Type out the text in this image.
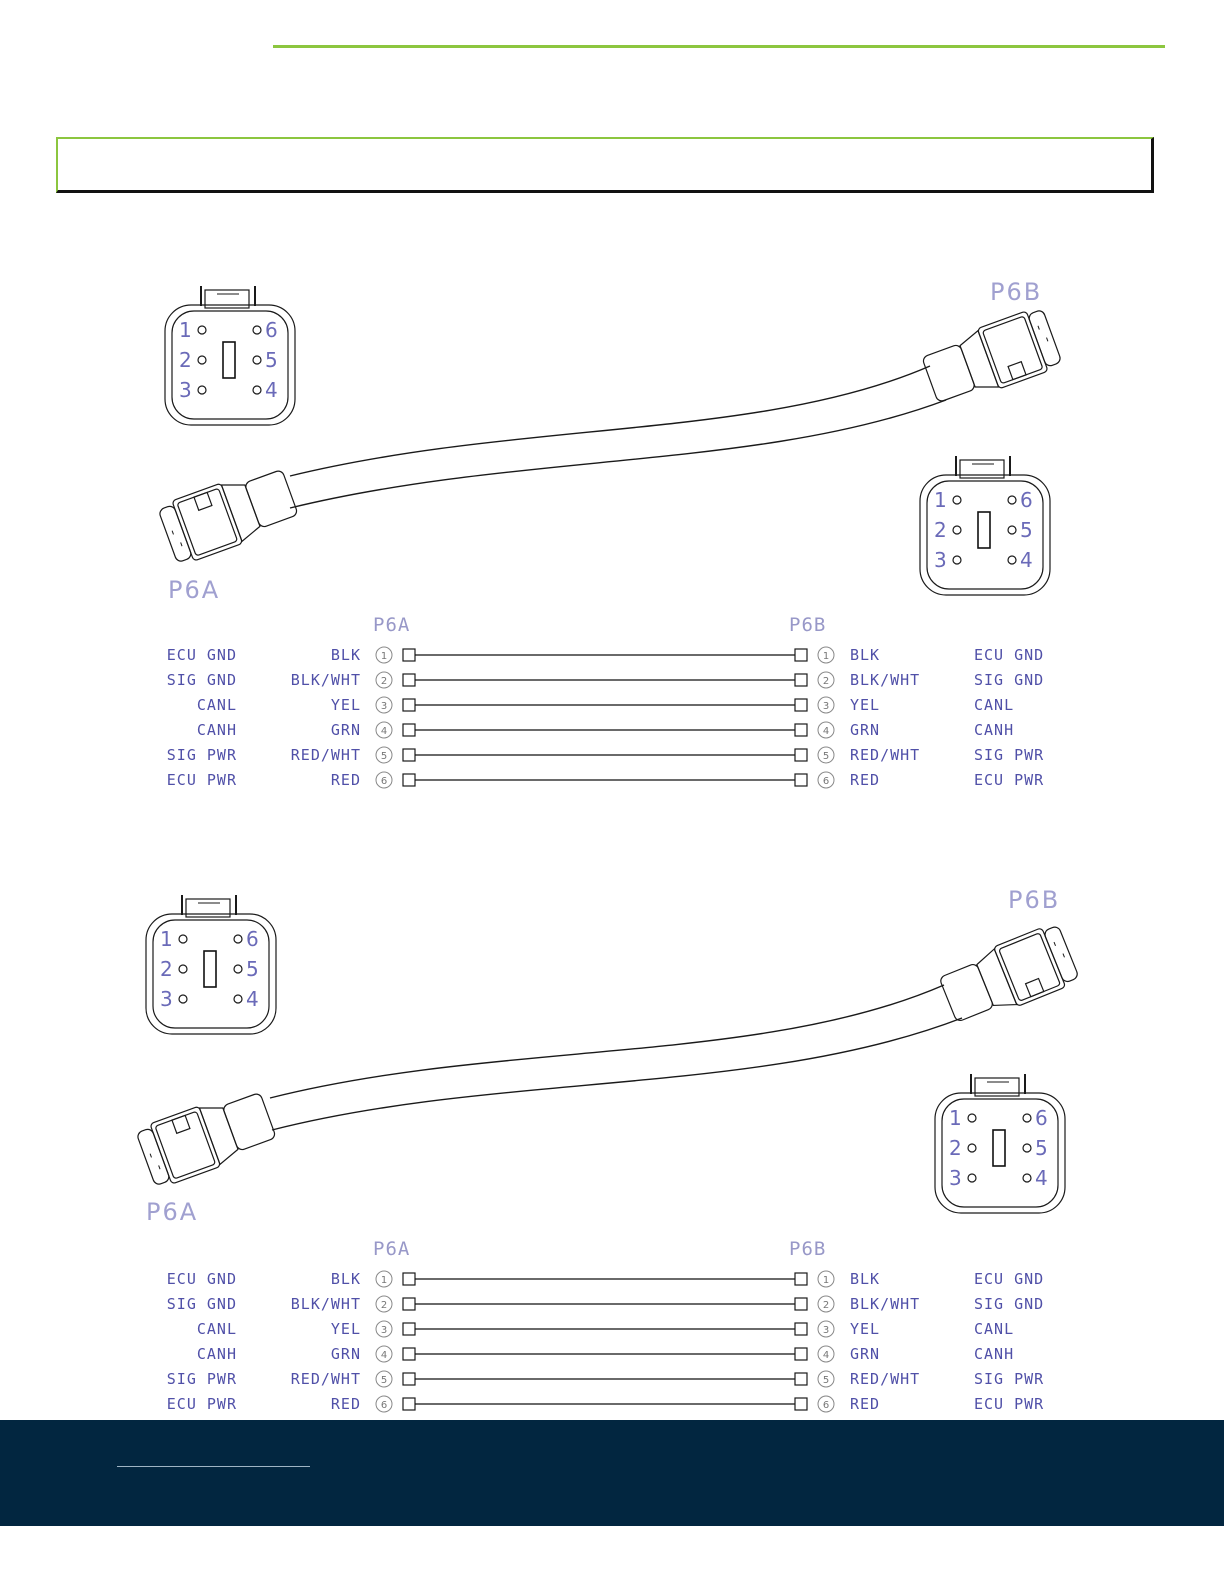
1
2
3
6
5
4
1
2
3
6
5
4
P6A
P6B
P6A	P6B
ECU GND	BLK 1	1 BLK	ECU GND
SIG GND	BLK/WHT 2	2 BLK/WHT	SIG GND
CANL	YEL 3	3 YEL	CANL
CANH	GRN 4	4 GRN	CANH
SIG PWR	RED/WHT 5	5 RED/WHT	SIG PWR
ECU PWR	RED 6	6 RED	ECU PWR
1
2
3
6
5
4
1
2
3
6
5
4
P6A
P6B
P6A	P6B
ECU GND	BLK 1	1 BLK	ECU GND
SIG GND	BLK/WHT 2	2 BLK/WHT	SIG GND
CANL	YEL 3	3 YEL	CANL
CANH	GRN 4	4 GRN	CANH
SIG PWR	RED/WHT 5	5 RED/WHT	SIG PWR
ECU PWR	RED 6	6 RED	ECU PWR
